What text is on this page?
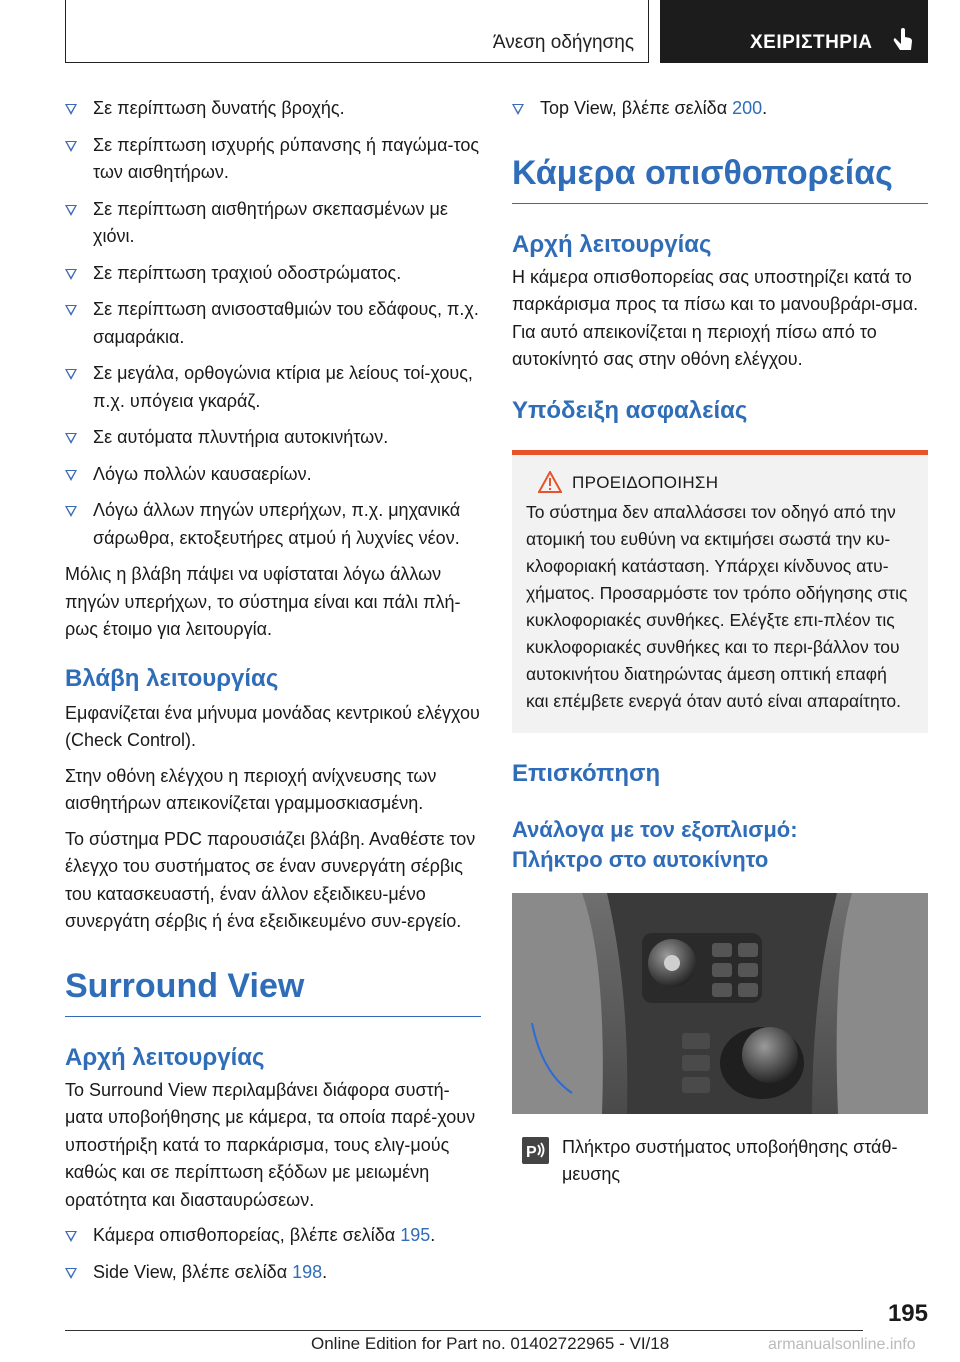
Άνεση οδήγησης	ΧΕΙΡΙΣΤΗΡΙΑ
Σε περίπτωση δυνατής βροχής.
Σε περίπτωση ισχυρής ρύπανσης ή παγώμα-τος των αισθητήρων.
Σε περίπτωση αισθητήρων σκεπασμένων με χιόνι.
Σε περίπτωση τραχιού οδοστρώματος.
Σε περίπτωση ανισοσταθμιών του εδάφους, π.χ. σαμαράκια.
Σε μεγάλα, ορθογώνια κτίρια με λείους τοί-χους, π.χ. υπόγεια γκαράζ.
Σε αυτόματα πλυντήρια αυτοκινήτων.
Λόγω πολλών καυσαερίων.
Λόγω άλλων πηγών υπερήχων, π.χ. μηχανικά σάρωθρα, εκτοξευτήρες ατμού ή λυχνίες νέον.

Μόλις η βλάβη πάψει να υφίσταται λόγω άλλων πηγών υπερήχων, το σύστημα είναι και πάλι πλή-ρως έτοιμο για λειτουργία.

Βλάβη λειτουργίας

Εμφανίζεται ένα μήνυμα μονάδας κεντρικού ελέγχου (Check Control).

Στην οθόνη ελέγχου η περιοχή ανίχνευσης των αισθητήρων απεικονίζεται γραμμοσκιασμένη.

Το σύστημα PDC παρουσιάζει βλάβη. Αναθέστε τον έλεγχο του συστήματος σε έναν συνεργάτη σέρβις του κατασκευαστή, έναν άλλον εξειδικευ-μένο συνεργάτη σέρβις ή ένα εξειδικευμένο συν-εργείο.

Surround View
Αρχή λειτουργίας

Το Surround View περιλαμβάνει διάφορα συστή-ματα υποβοήθησης με κάμερα, τα οποία παρέ-χουν υποστήριξη κατά το παρκάρισμα, τους ελιγ-μούς καθώς και σε περίπτωση εξόδων με μειωμένη ορατότητα και διασταυρώσεων.

Κάμερα οπισθοπορείας, βλέπε σελίδα 195.
Side View, βλέπε σελίδα 198.
Top View, βλέπε σελίδα 200.
Κάμερα οπισθοπορείας
Αρχή λειτουργίας

Η κάμερα οπισθοπορείας σας υποστηρίζει κατά το παρκάρισμα προς τα πίσω και το μανουβράρι-σμα. Για αυτό απεικονίζεται η περιοχή πίσω από το αυτοκίνητό σας στην οθόνη ελέγχου.

Υπόδειξη ασφαλείας
ΠΡΟΕΙΔΟΠΟΙΗΣΗ

Το σύστημα δεν απαλλάσσει τον οδηγό από την ατομική του ευθύνη να εκτιμήσει σωστά την κυ-κλοφοριακή κατάσταση. Υπάρχει κίνδυνος ατυ-χήματος. Προσαρμόστε τον τρόπο οδήγησης στις κυκλοφοριακές συνθήκες. Ελέγξτε επι-πλέον τις κυκλοφοριακές συνθήκες και το περι-βάλλον του αυτοκινήτου διατηρώντας άμεση οπτική επαφή και επέμβετε ενεργά όταν αυτό είναι απαραίτητο.

Επισκόπηση
Ανάλογα με τον εξοπλισμό:
Πλήκτρο στο αυτοκίνητο
P Πλήκτρο συστήματος υποβοήθησης στάθ-μευσης
195
Online Edition for Part no. 01402722965 - VI/18	armanualsonline.info
